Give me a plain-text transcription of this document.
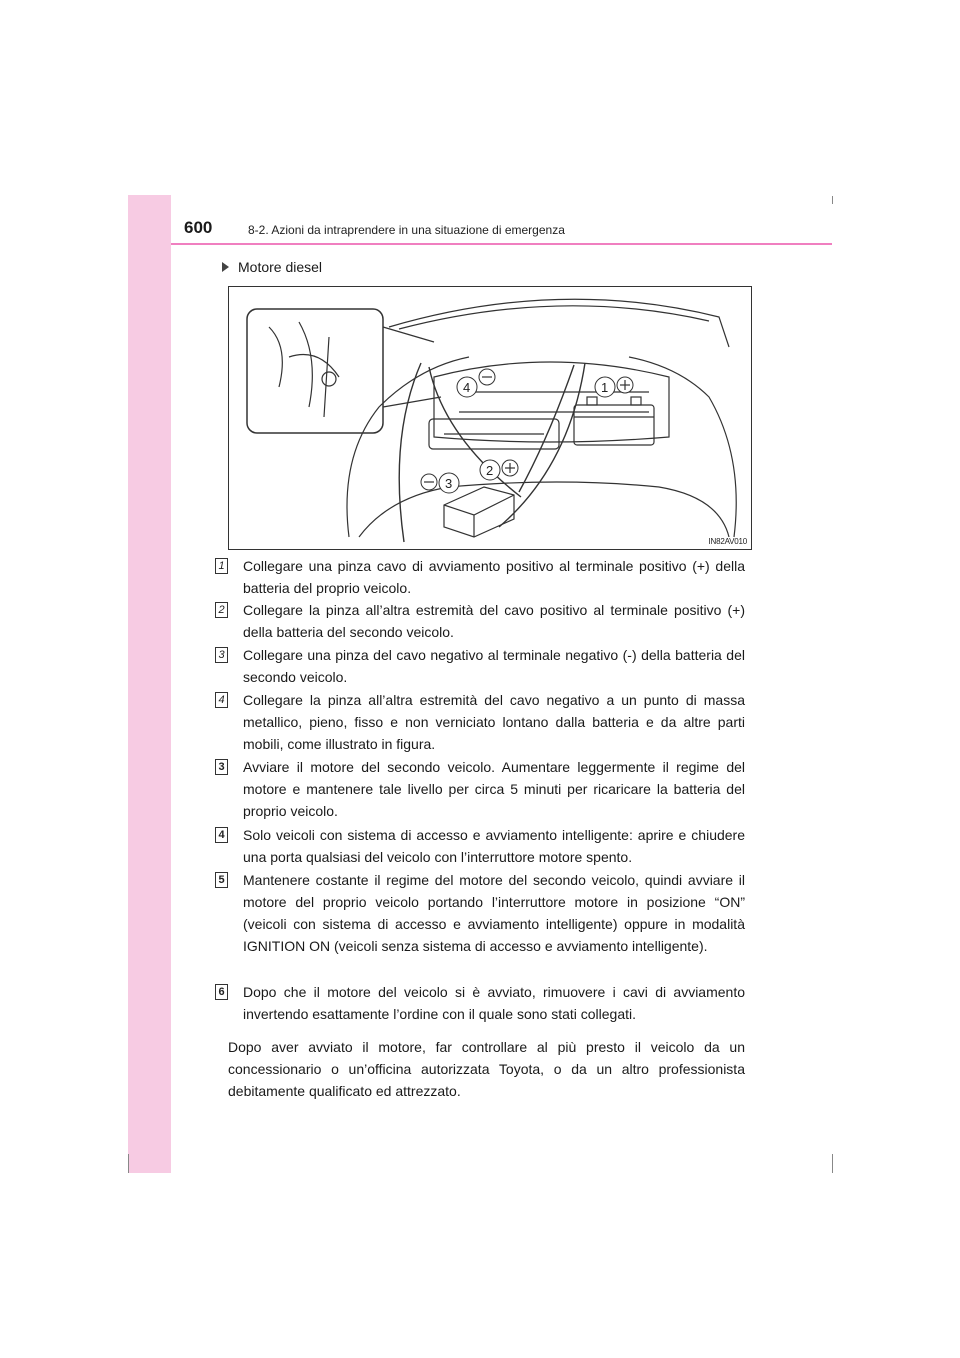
600	8-2. Azioni da intraprendere in una situazione di emergenza
Motore diesel
4	1
2
3
IN82AV010
1 Collegare una pinza cavo di avviamento positivo al terminale positivo (+) della batteria del proprio veicolo.
2 Collegare la pinza all’altra estremità del cavo positivo al terminale positivo (+) della batteria del secondo veicolo.
3 Collegare una pinza del cavo negativo al terminale negativo (-) della batteria del secondo veicolo.
4 Collegare la pinza all’altra estremità del cavo negativo a un punto di massa metallico, pieno, fisso e non verniciato lontano dalla batteria e da altre parti mobili, come illustrato in figura.
3 Avviare il motore del secondo veicolo. Aumentare leggermente il regime del motore e mantenere tale livello per circa 5 minuti per ricaricare la batteria del proprio veicolo.
4 Solo veicoli con sistema di accesso e avviamento intelligente: aprire e chiudere una porta qualsiasi del veicolo con l’interruttore motore spento.
5 Mantenere costante il regime del motore del secondo veicolo, quindi avviare il motore del proprio veicolo portando l’interruttore motore in posizione “ON” (veicoli con sistema di accesso e avviamento intelligente) oppure in modalità IGNITION ON (veicoli senza sistema di accesso e avviamento intelligente).
6 Dopo che il motore del veicolo si è avviato, rimuovere i cavi di avviamento invertendo esattamente l’ordine con il quale sono stati collegati.
Dopo aver avviato il motore, far controllare al più presto il veicolo da un concessionario o un’officina autorizzata Toyota, o da un altro professionista debitamente qualificato ed attrezzato.
